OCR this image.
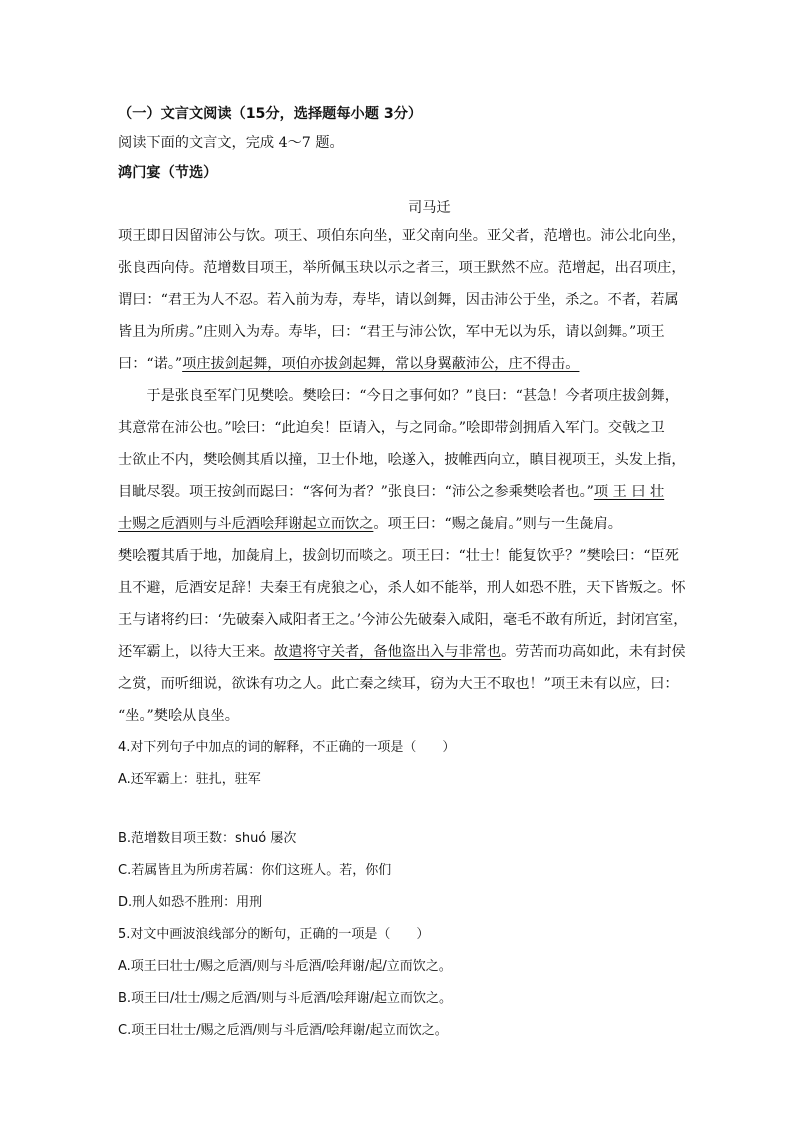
（一）文言文阅读（15分，选择题每小题 3分）
阅读下面的文言文，完成 4～7 题。
鸿门宴（节选）
司马迁
项王即日因留沛公与饮。项王、项伯东向坐，亚父南向坐。亚父者，范增也。沛公北向坐，
张良西向侍。范增数目项王，举所佩玉玦以示之者三，项王默然不应。范增起，出召项庄，
谓曰：“君王为人不忍。若入前为寿，寿毕，请以剑舞，因击沛公于坐，杀之。不者，若属
皆且为所虏。”庄则入为寿。寿毕，曰：“君王与沛公饮，军中无以为乐，请以剑舞。”项王
曰：“诺。”项庄拔剑起舞，项伯亦拔剑起舞，常以身翼蔽沛公，庄不得击。
　　于是张良至军门见樊哙。樊哙曰：“今日之事何如？”良曰：“甚急！今者项庄拔剑舞，
其意常在沛公也。”哙曰：“此迫矣！臣请入，与之同命。”哙即带剑拥盾入军门。交戟之卫
士欲止不内，樊哙侧其盾以撞，卫士仆地，哙遂入，披帷西向立，瞋目视项王，头发上指，
目眦尽裂。项王按剑而跽曰：“客何为者？”张良曰：“沛公之参乘樊哙者也。”项 王 曰 壮
士赐之卮酒则与斗卮酒哙拜谢起立而饮之。项王曰：“赐之彘肩。”则与一生彘肩。
樊哙覆其盾于地，加彘肩上，拔剑切而啖之。项王曰：“壮士！能复饮乎？”樊哙曰：“臣死
且不避，卮酒安足辞！夫秦王有虎狼之心，杀人如不能举，刑人如恐不胜，天下皆叛之。怀
王与诸将约曰：‘先破秦入咸阳者王之。’今沛公先破秦入咸阳，毫毛不敢有所近，封闭宫室，
还军霸上，以待大王来。故遣将守关者，备他盗出入与非常也。劳苦而功高如此，未有封侯
之赏，而听细说，欲诛有功之人。此亡秦之续耳，窃为大王不取也！”项王未有以应，曰：
“坐。”樊哙从良坐。
4.对下列句子中加点的词的解释，不正确的一项是（　　）
A.还军霸上：驻扎，驻军
B.范增数目项王数：shuó 屡次
C.若属皆且为所虏若属：你们这班人。若，你们
D.刑人如恐不胜刑：用刑
5.对文中画波浪线部分的断句，正确的一项是（　　）
A.项王曰壮士/赐之卮酒/则与斗卮酒/哙拜谢/起/立而饮之。
B.项王曰/壮士/赐之卮酒/则与斗卮酒/哙拜谢/起立而饮之。
C.项王曰壮士/赐之卮酒/则与斗卮酒/哙拜谢/起立而饮之。
